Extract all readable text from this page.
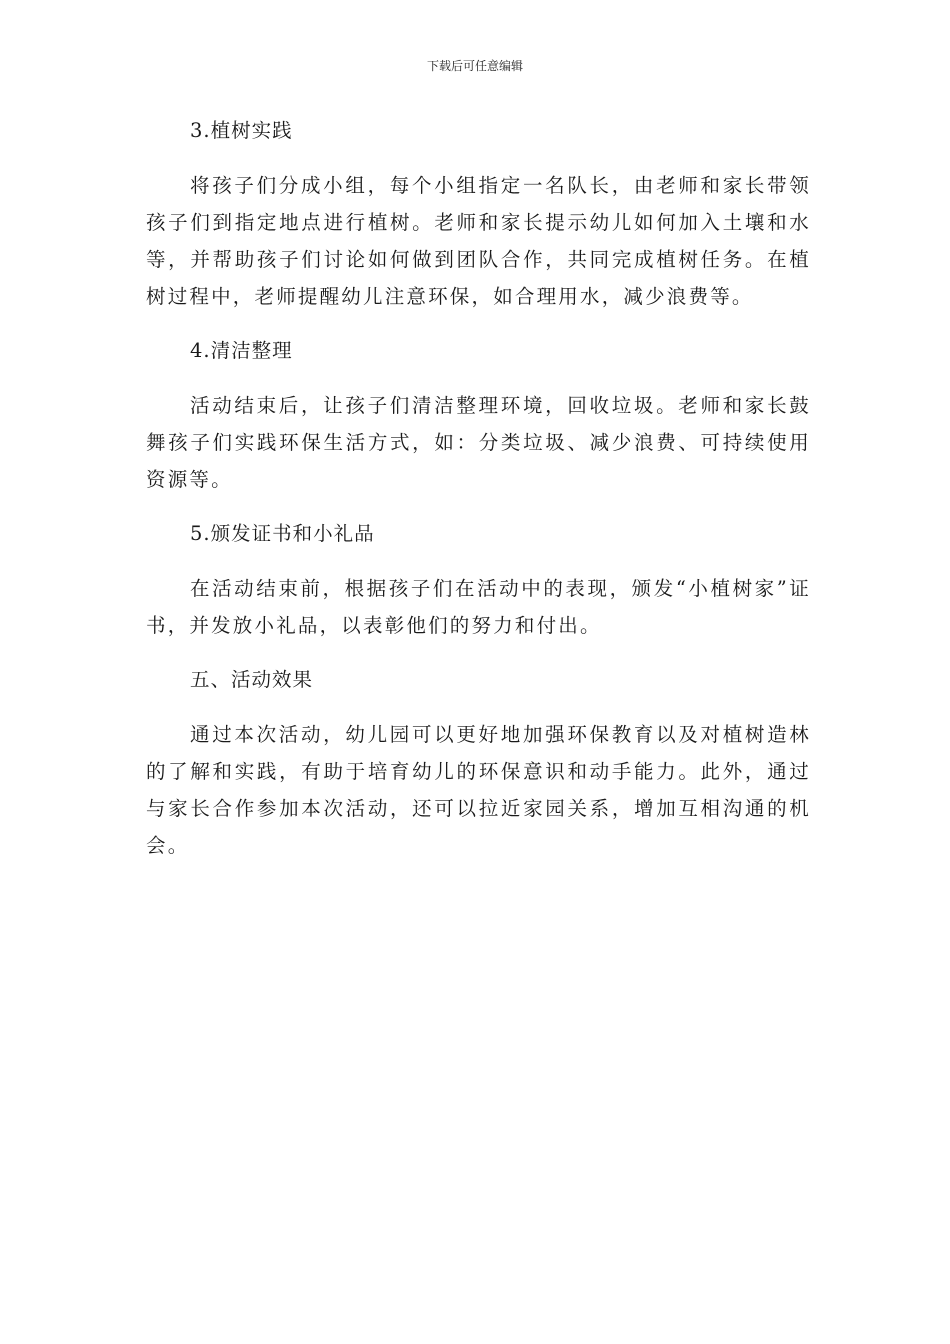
下载后可任意编辑
3.植树实践

将孩子们分成小组，每个小组指定一名队长，由老师和家长带领孩子们到指定地点进行植树。老师和家长提示幼儿如何加入土壤和水等，并帮助孩子们讨论如何做到团队合作，共同完成植树任务。在植树过程中，老师提醒幼儿注意环保，如合理用水，减少浪费等。

4.清洁整理

活动结束后，让孩子们清洁整理环境，回收垃圾。老师和家长鼓舞孩子们实践环保生活方式，如：分类垃圾、减少浪费、可持续使用资源等。

5.颁发证书和小礼品

在活动结束前，根据孩子们在活动中的表现，颁发“小植树家”证书，并发放小礼品，以表彰他们的努力和付出。

五、活动效果

通过本次活动，幼儿园可以更好地加强环保教育以及对植树造林的了解和实践，有助于培育幼儿的环保意识和动手能力。此外，通过与家长合作参加本次活动，还可以拉近家园关系，增加互相沟通的机会。
